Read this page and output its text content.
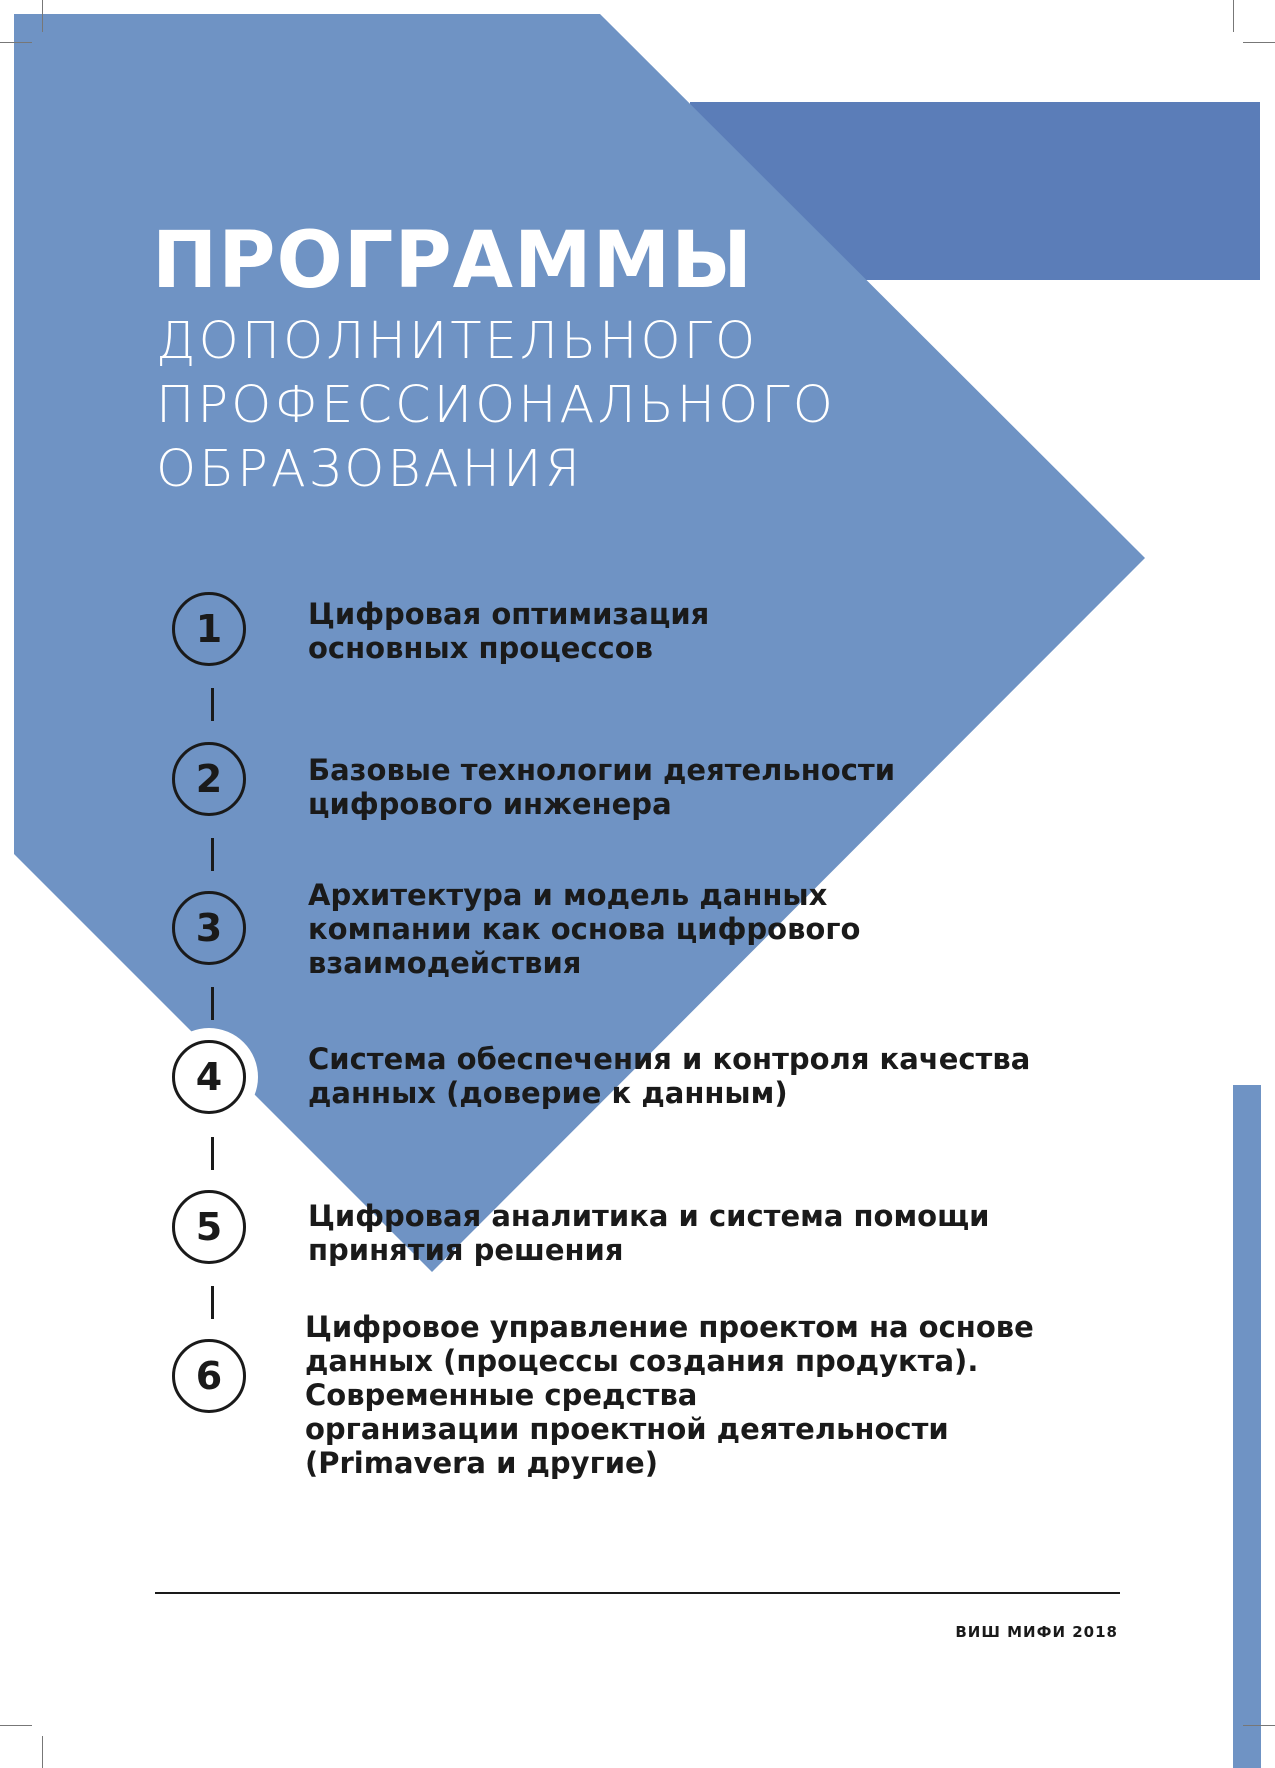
ПРОГРАММЫ
ДОПОЛНИТЕЛЬНОГО
ПРОФЕССИОНАЛЬНОГО
ОБРАЗОВАНИЯ
1	Цифровая оптимизация
основных процессов
2	Базовые технологии деятельности
цифрового инженера
3
Архитектура и модель данных
компании как основа цифрового
взаимодействия
4	Система обеспечения и контроля качества
данных (доверие к данным)
5	Цифровая аналитика и система помощи
принятия решения
6
Цифровое управление проектом на основе
данных (процессы создания продукта).
Современные средства
организации проектной деятельности
(Primavera и другие)
ВИШ МИФИ 2018
